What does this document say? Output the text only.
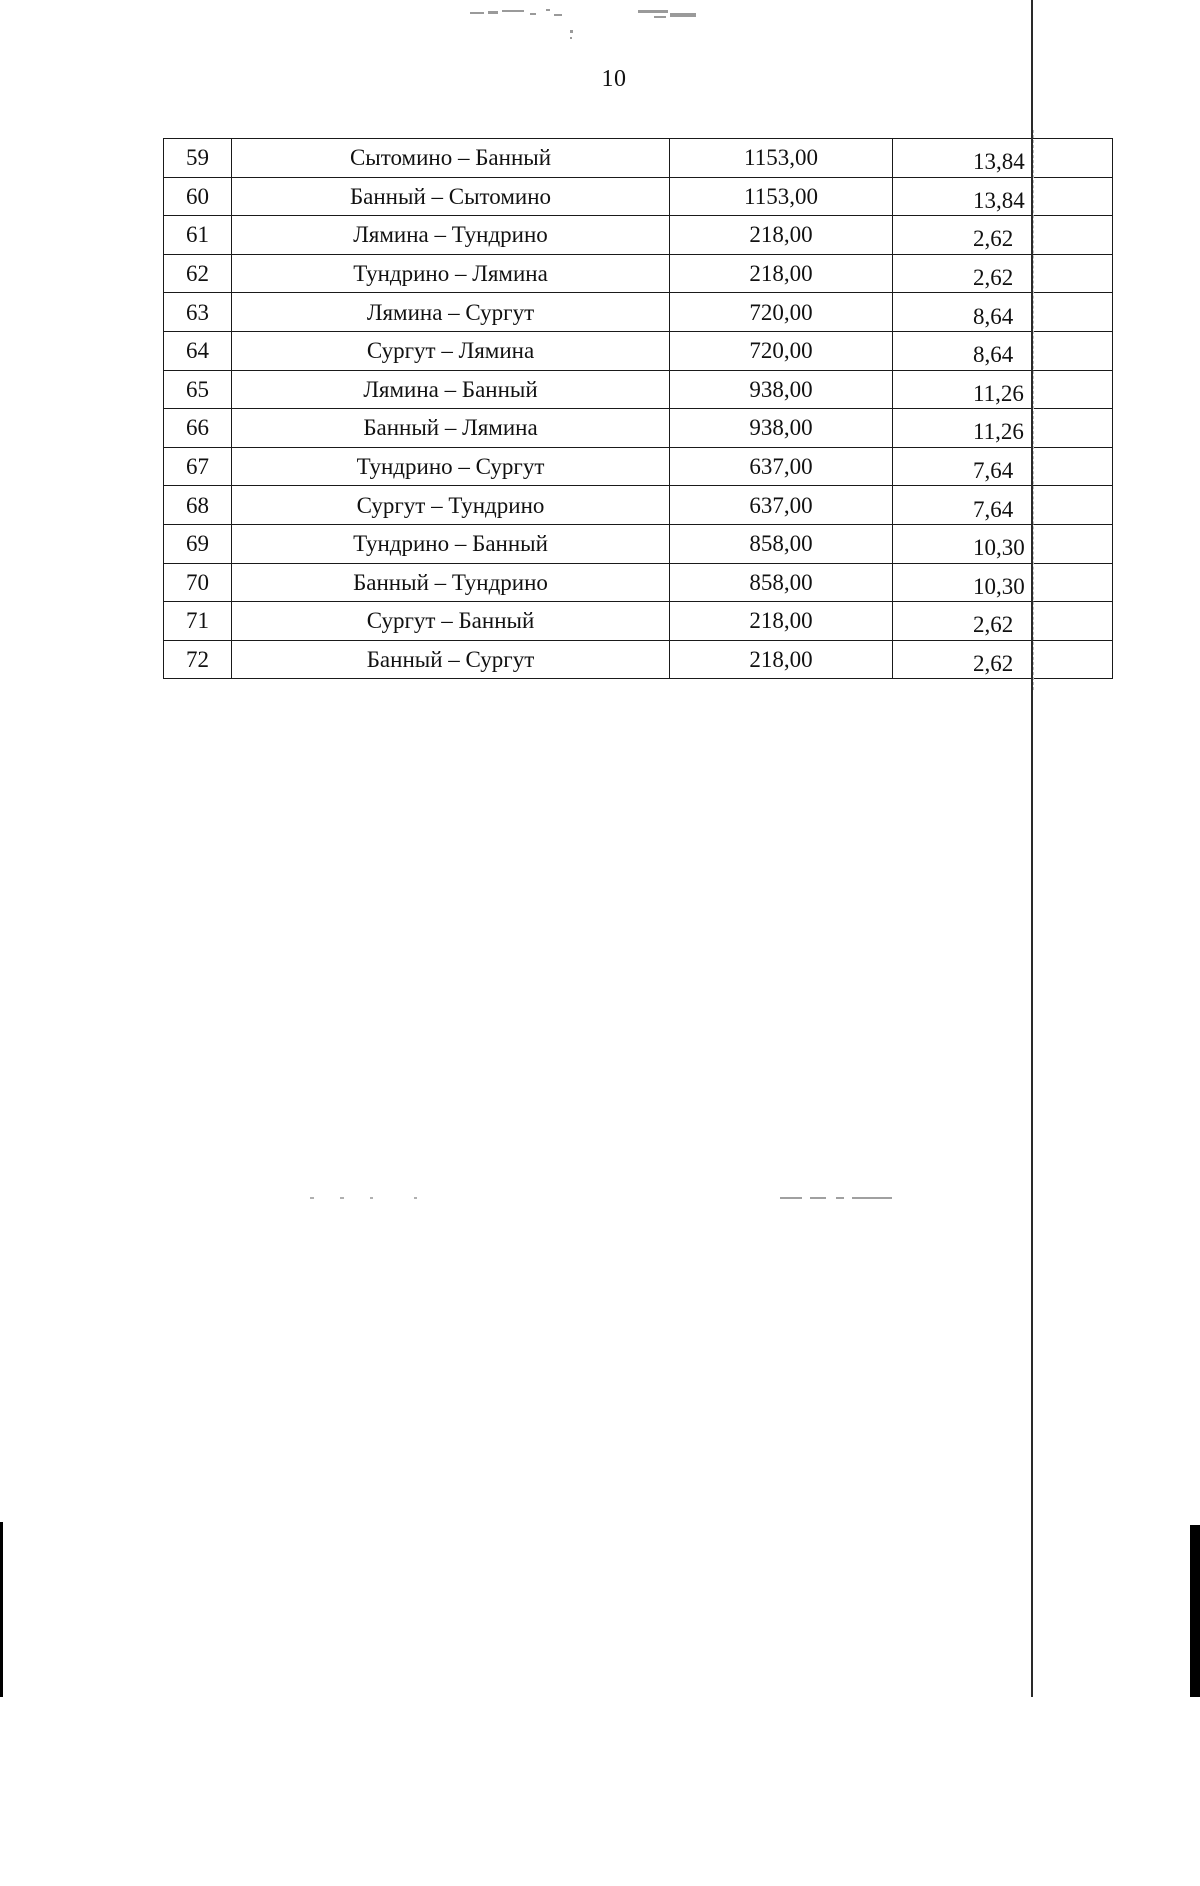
10
59	Сытомино – Банный	1153,00	13,84
60	Банный – Сытомино	1153,00	13,84
61	Лямина – Тундрино	218,00	2,62
62	Тундрино – Лямина	218,00	2,62
63	Лямина – Сургут	720,00	8,64
64	Сургут – Лямина	720,00	8,64
65	Лямина – Банный	938,00	11,26
66	Банный – Лямина	938,00	11,26
67	Тундрино – Сургут	637,00	7,64
68	Сургут – Тундрино	637,00	7,64
69	Тундрино – Банный	858,00	10,30
70	Банный – Тундрино	858,00	10,30
71	Сургут – Банный	218,00	2,62
72	Банный – Сургут	218,00	2,62
